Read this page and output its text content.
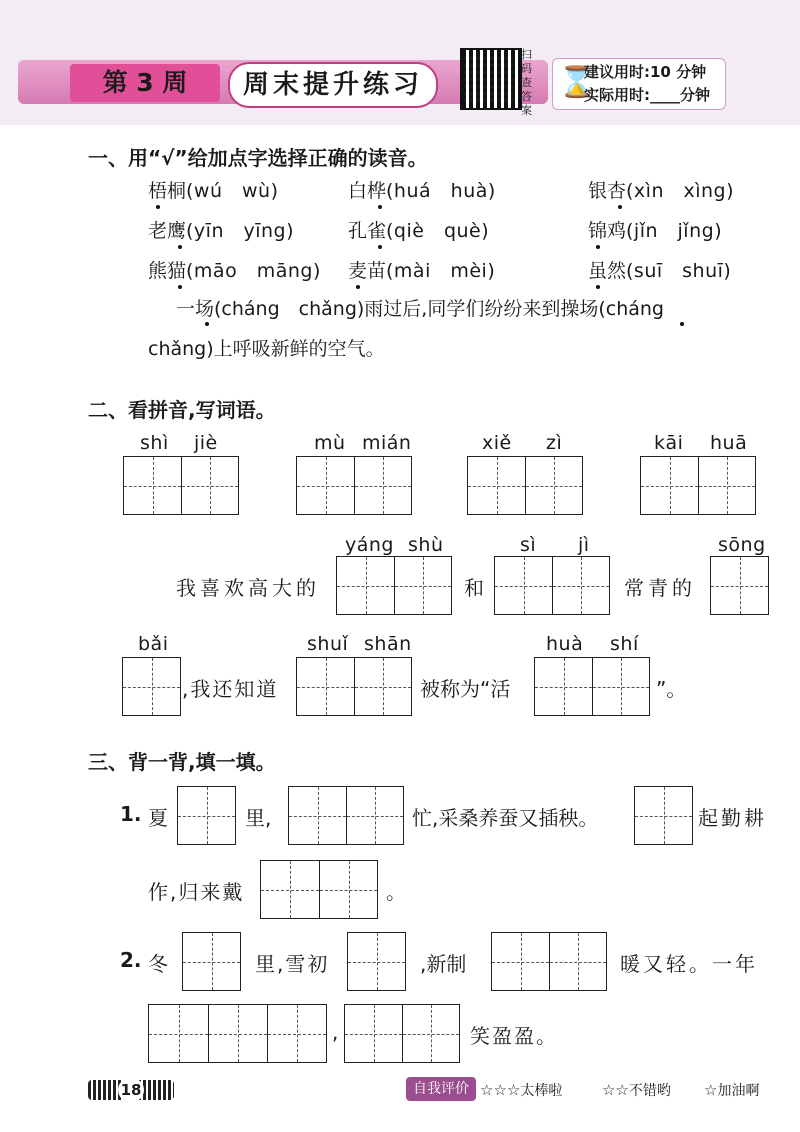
第 3 周	周末提升练习
扫码查答案
⌛
建议用时:10 分钟
实际用时:____分钟
一、用“√”给加点字选择正确的读音。
梧桐(wú　wù)	白桦(huá　huà)	银杏(xìn　xìng)
老鹰(yīn　yīng)	孔雀(qiè　què)	锦鸡(jǐn　jǐng)
熊猫(māo　māng) 麦苗(mài　mèi)	虽然(suī　shuī)
一场(cháng　chǎng)雨过后,同学们纷纷来到操场(cháng
chǎng)上呼吸新鲜的空气。
二、看拼音,写词语。
shì jiè	mù mián	xiě zì	kāi huā
yáng shù	sì jì	sōng
我喜欢高大的	和	常青的
bǎi	shuǐ shān	huà shí
,我还知道	被称为“活	”。
三、背一背,填一填。
1. 夏	里,	忙,采桑养蚕又插秧。	起勤耕
作,归来戴	。
2. 冬	里,雪初	,新制	暖又轻。一年
,	笑盈盈。
18	自我评价 ☆☆☆太棒啦	☆☆不错哟 ☆加油啊
